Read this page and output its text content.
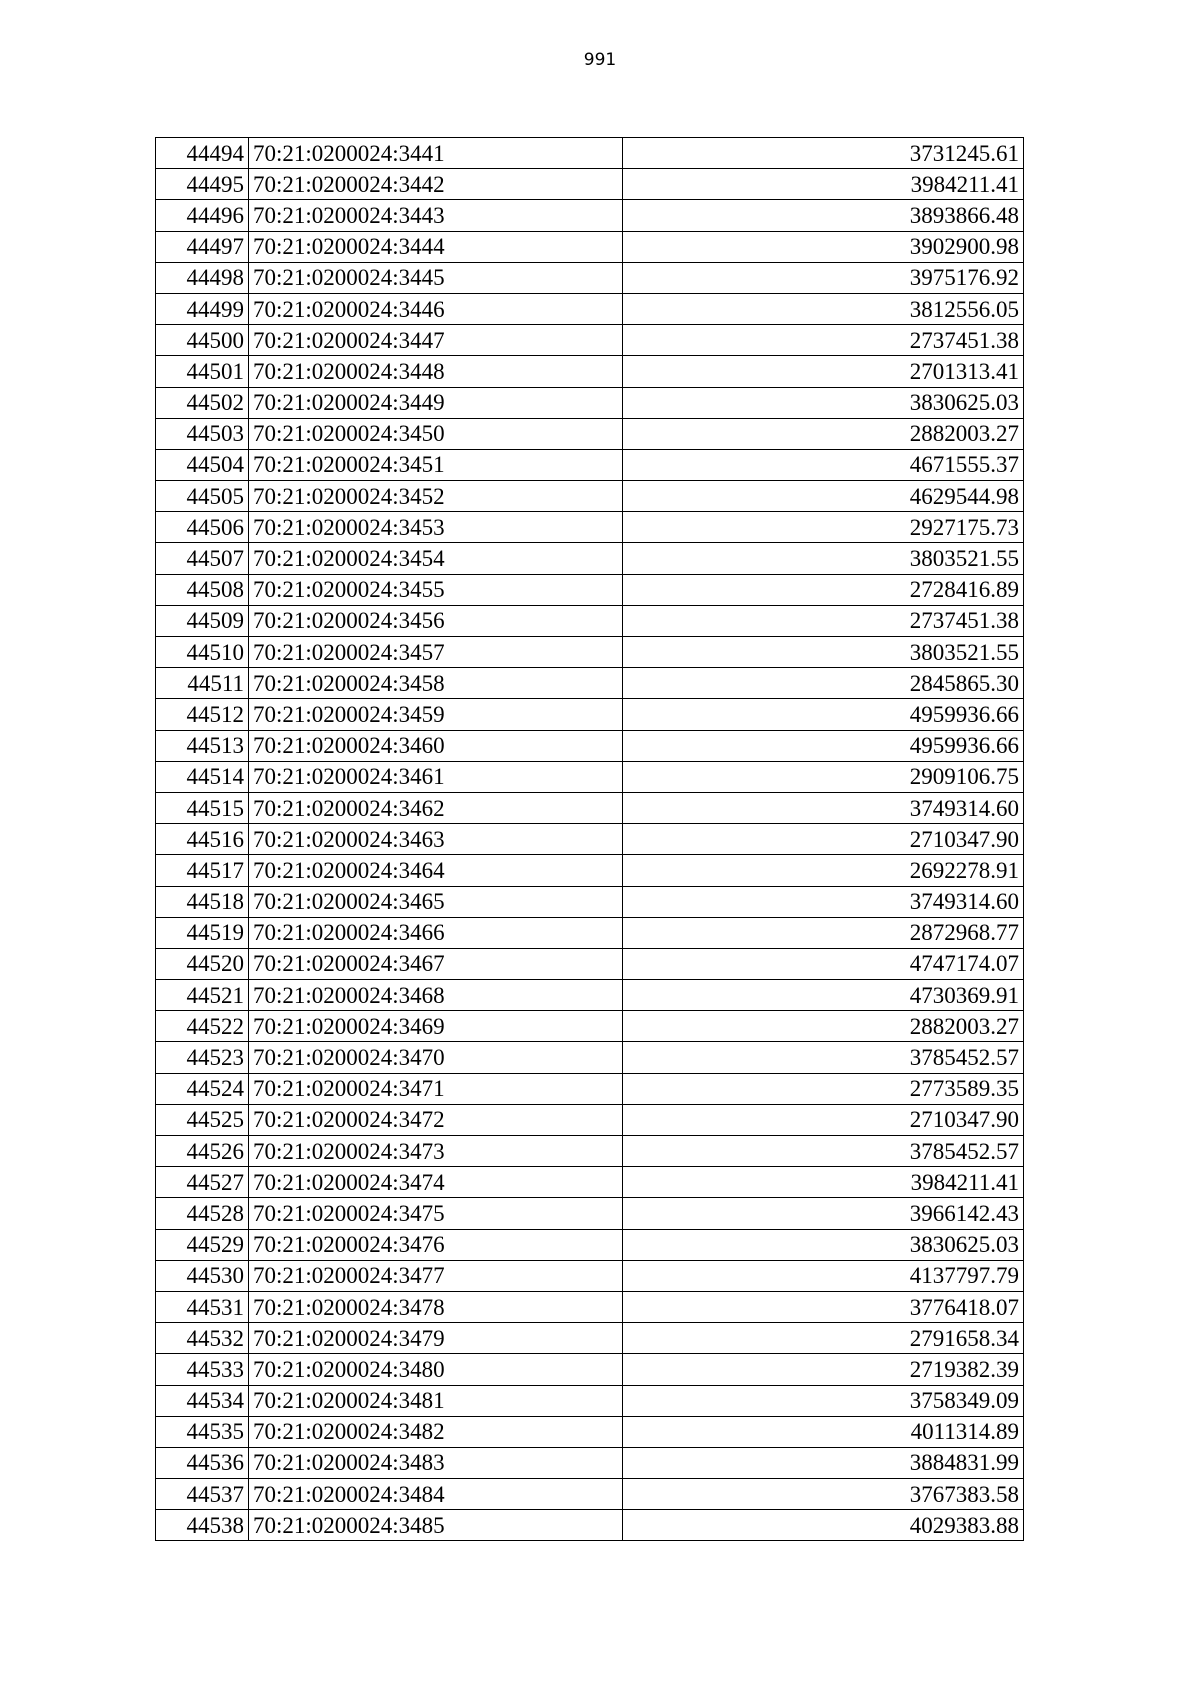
991
44494	70:21:0200024:3441	3731245.61
44495	70:21:0200024:3442	3984211.41
44496	70:21:0200024:3443	3893866.48
44497	70:21:0200024:3444	3902900.98
44498	70:21:0200024:3445	3975176.92
44499	70:21:0200024:3446	3812556.05
44500	70:21:0200024:3447	2737451.38
44501	70:21:0200024:3448	2701313.41
44502	70:21:0200024:3449	3830625.03
44503	70:21:0200024:3450	2882003.27
44504	70:21:0200024:3451	4671555.37
44505	70:21:0200024:3452	4629544.98
44506	70:21:0200024:3453	2927175.73
44507	70:21:0200024:3454	3803521.55
44508	70:21:0200024:3455	2728416.89
44509	70:21:0200024:3456	2737451.38
44510	70:21:0200024:3457	3803521.55
44511	70:21:0200024:3458	2845865.30
44512	70:21:0200024:3459	4959936.66
44513	70:21:0200024:3460	4959936.66
44514	70:21:0200024:3461	2909106.75
44515	70:21:0200024:3462	3749314.60
44516	70:21:0200024:3463	2710347.90
44517	70:21:0200024:3464	2692278.91
44518	70:21:0200024:3465	3749314.60
44519	70:21:0200024:3466	2872968.77
44520	70:21:0200024:3467	4747174.07
44521	70:21:0200024:3468	4730369.91
44522	70:21:0200024:3469	2882003.27
44523	70:21:0200024:3470	3785452.57
44524	70:21:0200024:3471	2773589.35
44525	70:21:0200024:3472	2710347.90
44526	70:21:0200024:3473	3785452.57
44527	70:21:0200024:3474	3984211.41
44528	70:21:0200024:3475	3966142.43
44529	70:21:0200024:3476	3830625.03
44530	70:21:0200024:3477	4137797.79
44531	70:21:0200024:3478	3776418.07
44532	70:21:0200024:3479	2791658.34
44533	70:21:0200024:3480	2719382.39
44534	70:21:0200024:3481	3758349.09
44535	70:21:0200024:3482	4011314.89
44536	70:21:0200024:3483	3884831.99
44537	70:21:0200024:3484	3767383.58
44538	70:21:0200024:3485	4029383.88
